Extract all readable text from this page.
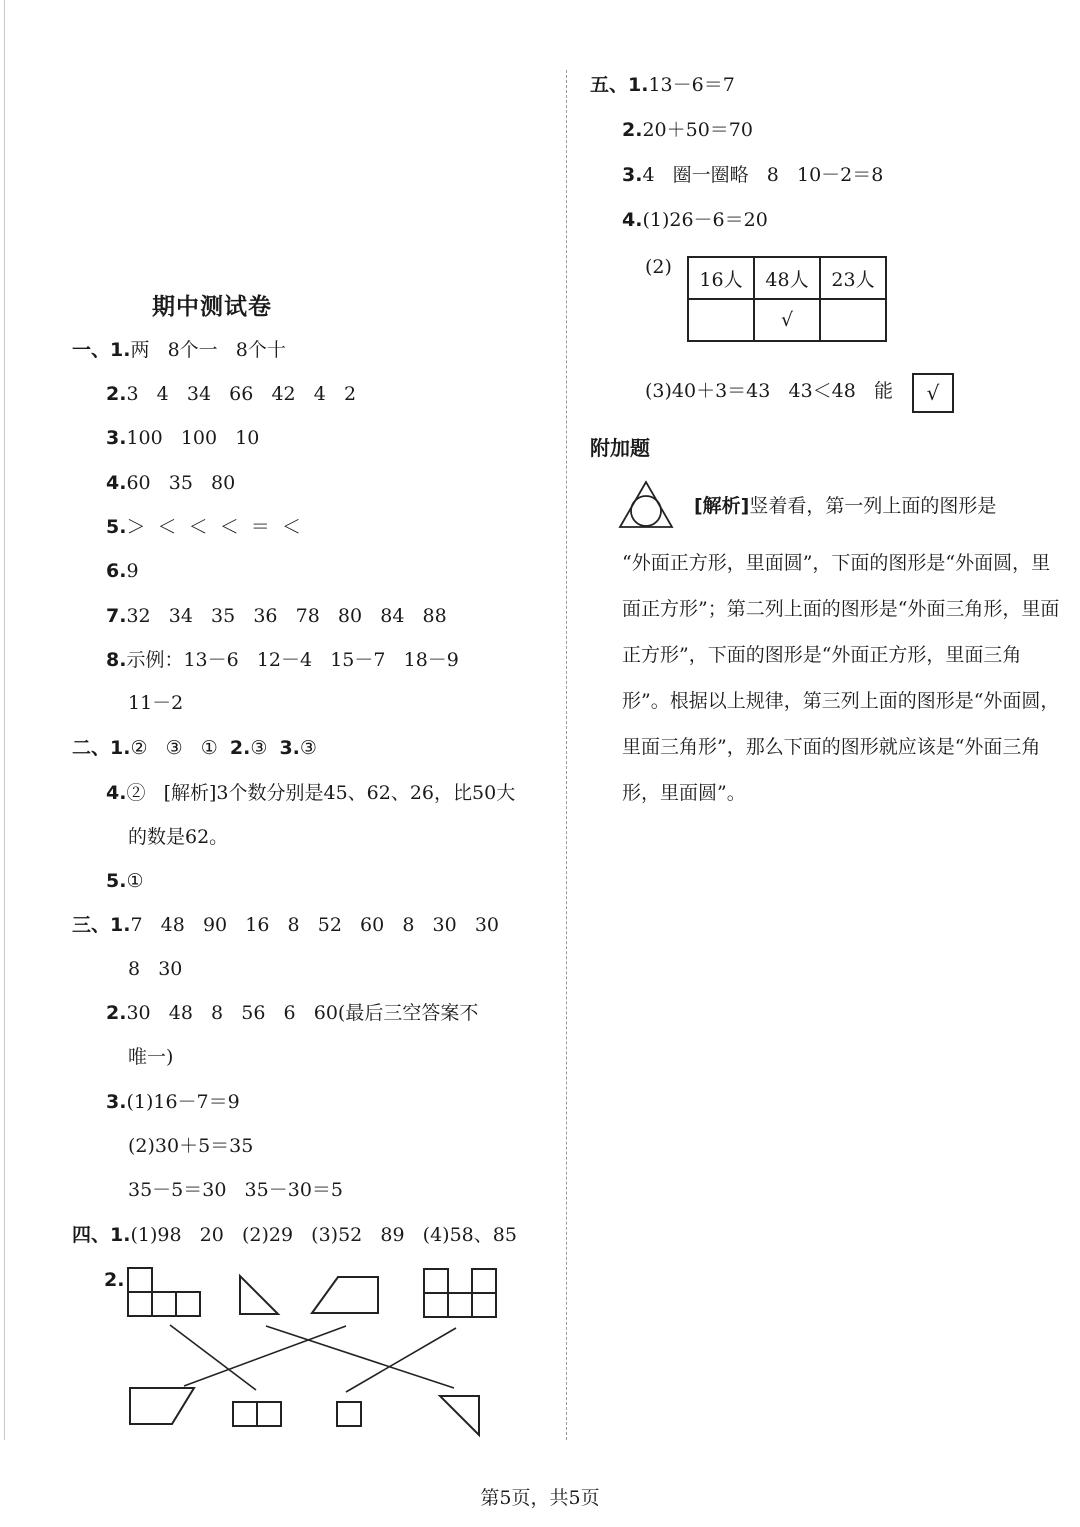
期中测试卷
一、1.两   8个一   8个十
2.3   4   34   66   42   4   2
3.100   100   10
4.60   35   80
5.＞  ＜  ＜  ＜  ＝  ＜
6.9
7.32   34   35   36   78   80   84   88
8.示例：13－6   12－4   15－7   18－9
11－2
二、1.②   ③   ①  2.③  3.③
4.②   [解析]3个数分别是45、62、26，比50大
的数是62。
5.①
三、1.7   48   90   16   8   52   60   8   30   30
8   30
2.30   48   8   56   6   60(最后三空答案不
唯一)
3.(1)16－7＝9
(2)30＋5＝35
35－5＝30   35－30＝5
四、1.(1)98   20   (2)29   (3)52   89   (4)58、85
2.
五、1.13－6＝7
2.20＋50＝70
3.4   圈一圈略   8   10－2＝8
4.(1)26－6＝20
(2)
16人	48人	23人
	√	
(3)40＋3＝43   43＜48   能	√
附加题
[解析]竖着看，第一列上面的图形是
“外面正方形，里面圆”，下面的图形是“外面圆，里面正方形”；第二列上面的图形是“外面三角形，里面正方形”，下面的图形是“外面正方形，里面三角形”。根据以上规律，第三列上面的图形是“外面圆，里面三角形”，那么下面的图形就应该是“外面三角形，里面圆”。
第5页，共5页
